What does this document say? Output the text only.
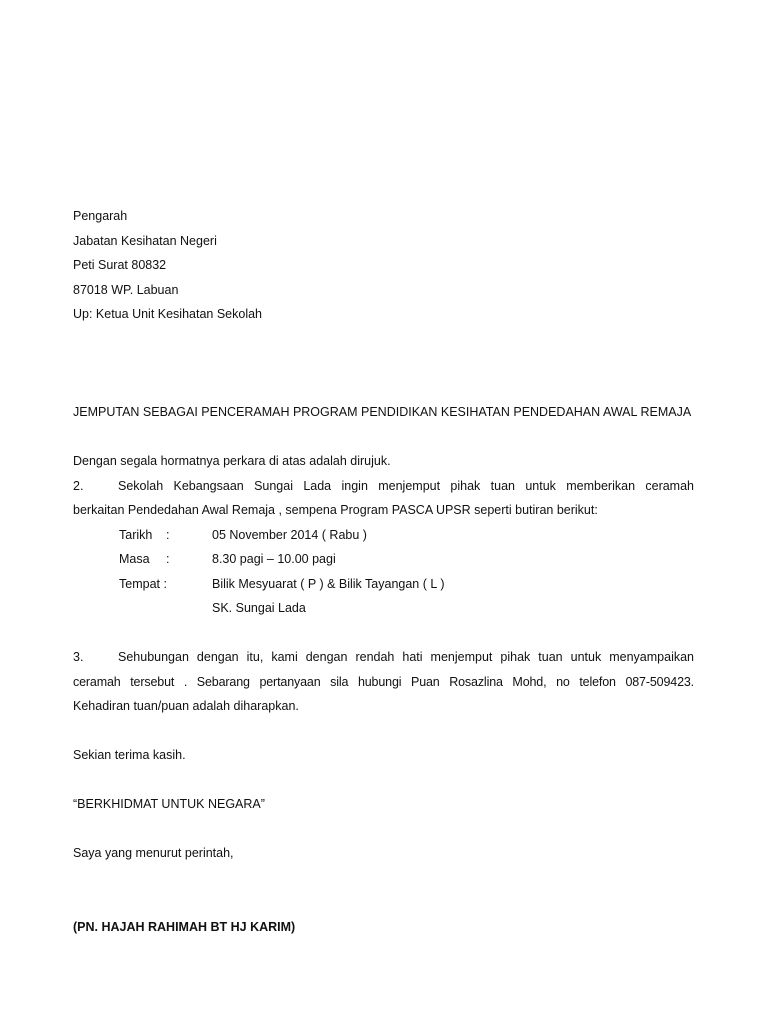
Pengarah
Jabatan Kesihatan Negeri
Peti Surat 80832
87018 WP. Labuan
Up: Ketua Unit Kesihatan Sekolah
JEMPUTAN SEBAGAI PENCERAMAH PROGRAM PENDIDIKAN KESIHATAN PENDEDAHAN AWAL REMAJA
Dengan segala hormatnya perkara di atas adalah dirujuk.
2.	Sekolah Kebangsaan Sungai Lada ingin menjemput pihak tuan untuk memberikan ceramah
berkaitan Pendedahan Awal Remaja , sempena Program PASCA UPSR seperti butiran berikut:
Tarikh :	05 November 2014 ( Rabu )
Masa :	8.30 pagi – 10.00 pagi
Tempat :	Bilik Mesyuarat ( P ) & Bilik Tayangan ( L )
SK. Sungai Lada
3.	Sehubungan dengan itu, kami dengan rendah hati menjemput pihak tuan untuk menyampaikan
ceramah tersebut . Sebarang pertanyaan sila hubungi Puan Rosazlina Mohd, no telefon 087-509423.
Kehadiran tuan/puan adalah diharapkan.
Sekian terima kasih.
“BERKHIDMAT UNTUK NEGARA”
Saya yang menurut perintah,
(PN. HAJAH RAHIMAH BT HJ KARIM)
